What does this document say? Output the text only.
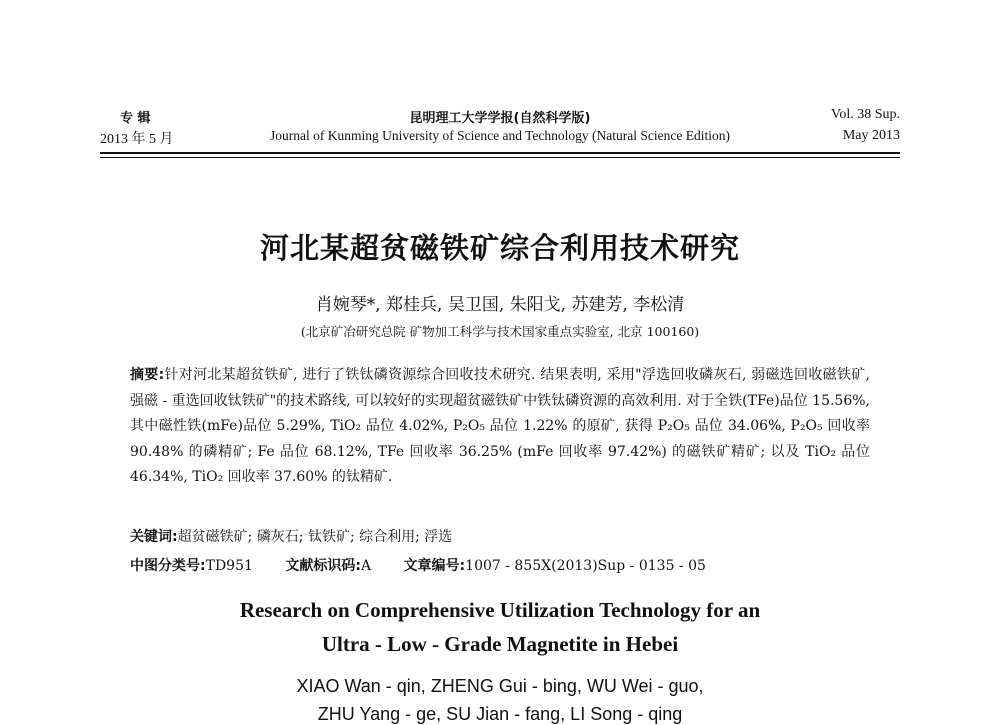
专 辑
2013 年 5 月
昆明理工大学学报(自然科学版)
Journal of Kunming University of Science and Technology (Natural Science Edition)
Vol. 38 Sup.
May 2013
河北某超贫磁铁矿综合利用技术研究
肖婉琴*, 郑桂兵, 吴卫国, 朱阳戈, 苏建芳, 李松清
(北京矿冶研究总院 矿物加工科学与技术国家重点实验室, 北京 100160)
摘要:针对河北某超贫铁矿, 进行了铁钛磷资源综合回收技术研究. 结果表明, 采用"浮选回收磷灰石, 弱磁选回收磁铁矿, 强磁 - 重选回收钛铁矿"的技术路线, 可以较好的实现超贫磁铁矿中铁钛磷资源的高效利用. 对于全铁(TFe)品位 15.56%, 其中磁性铁(mFe)品位 5.29%, TiO₂ 品位 4.02%, P₂O₅ 品位 1.22% 的原矿, 获得 P₂O₅ 品位 34.06%, P₂O₅ 回收率 90.48% 的磷精矿; Fe 品位 68.12%, TFe 回收率 36.25% (mFe 回收率 97.42%) 的磁铁矿精矿; 以及 TiO₂ 品位 46.34%, TiO₂ 回收率 37.60% 的钛精矿.
关键词:超贫磁铁矿; 磷灰石; 钛铁矿; 综合利用; 浮选
中图分类号:TD951 文献标识码:A 文章编号:1007 - 855X(2013)Sup - 0135 - 05
Research on Comprehensive Utilization Technology for an
Ultra - Low - Grade Magnetite in Hebei
XIAO Wan - qin, ZHENG Gui - bing, WU Wei - guo,
ZHU Yang - ge, SU Jian - fang, LI Song - qing
